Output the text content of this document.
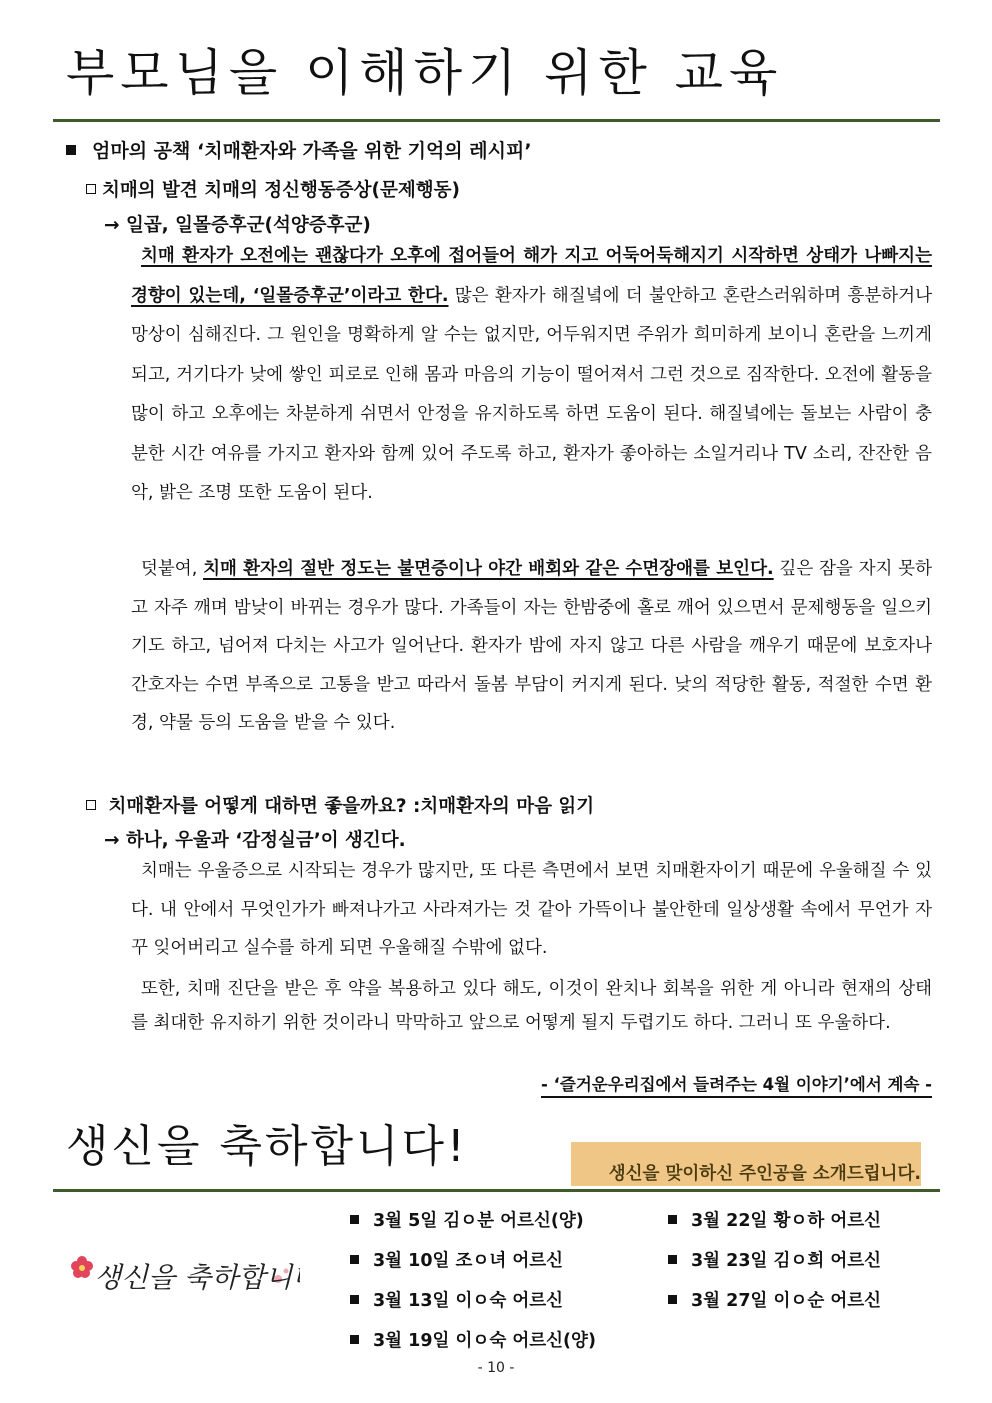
부모님을 이해하기 위한 교육
엄마의 공책 ‘치매환자와 가족을 위한 기억의 레시피’
치매의 발견 치매의 정신행동증상(문제행동)
→ 일곱, 일몰증후군(석양증후군)

치매 환자가 오전에는 괜찮다가 오후에 접어들어 해가 지고 어둑어둑해지기 시작하면 상태가 나빠지는 경향이 있는데, ‘일몰증후군’이라고 한다. 많은 환자가 해질녘에 더 불안하고 혼란스러워하며 흥분하거나 망상이 심해진다. 그 원인을 명확하게 알 수는 없지만, 어두워지면 주위가 희미하게 보이니 혼란을 느끼게 되고, 거기다가 낮에 쌓인 피로로 인해 몸과 마음의 기능이 떨어져서 그런 것으로 짐작한다. 오전에 활동을 많이 하고 오후에는 차분하게 쉬면서 안정을 유지하도록 하면 도움이 된다. 해질녘에는 돌보는 사람이 충분한 시간 여유를 가지고 환자와 함께 있어 주도록 하고, 환자가 좋아하는 소일거리나 TV 소리, 잔잔한 음악, 밝은 조명 또한 도움이 된다.

덧붙여, 치매 환자의 절반 정도는 불면증이나 야간 배회와 같은 수면장애를 보인다. 깊은 잠을 자지 못하고 자주 깨며 밤낮이 바뀌는 경우가 많다. 가족들이 자는 한밤중에 홀로 깨어 있으면서 문제행동을 일으키기도 하고, 넘어져 다치는 사고가 일어난다. 환자가 밤에 자지 않고 다른 사람을 깨우기 때문에 보호자나 간호자는 수면 부족으로 고통을 받고 따라서 돌봄 부담이 커지게 된다. 낮의 적당한 활동, 적절한 수면 환경, 약물 등의 도움을 받을 수 있다.

치매환자를 어떻게 대하면 좋을까요? :치매환자의 마음 읽기
→ 하나, 우울과 ‘감정실금’이 생긴다.

치매는 우울증으로 시작되는 경우가 많지만, 또 다른 측면에서 보면 치매환자이기 때문에 우울해질 수 있다. 내 안에서 무엇인가가 빠져나가고 사라져가는 것 같아 가뜩이나 불안한데 일상생활 속에서 무언가 자꾸 잊어버리고 실수를 하게 되면 우울해질 수밖에 없다.

또한, 치매 진단을 받은 후 약을 복용하고 있다 해도, 이것이 완치나 회복을 위한 게 아니라 현재의 상태를 최대한 유지하기 위한 것이라니 막막하고 앞으로 어떻게 될지 두렵기도 하다. 그러니 또 우울하다.

- ‘즐거운우리집에서 들려주는 4월 이야기’에서 계속 -
생신을 축하합니다!
생신을 맞이하신 주인공을 소개드립니다.
생신을 축하합니다
3월 5일 김ㅇ분 어르신(양)
3월 10일 조ㅇ녀 어르신
3월 13일 이ㅇ숙 어르신
3월 19일 이ㅇ숙 어르신(양)
3월 22일 황ㅇ하 어르신
3월 23일 김ㅇ희 어르신
3월 27일 이ㅇ순 어르신
- 10 -
